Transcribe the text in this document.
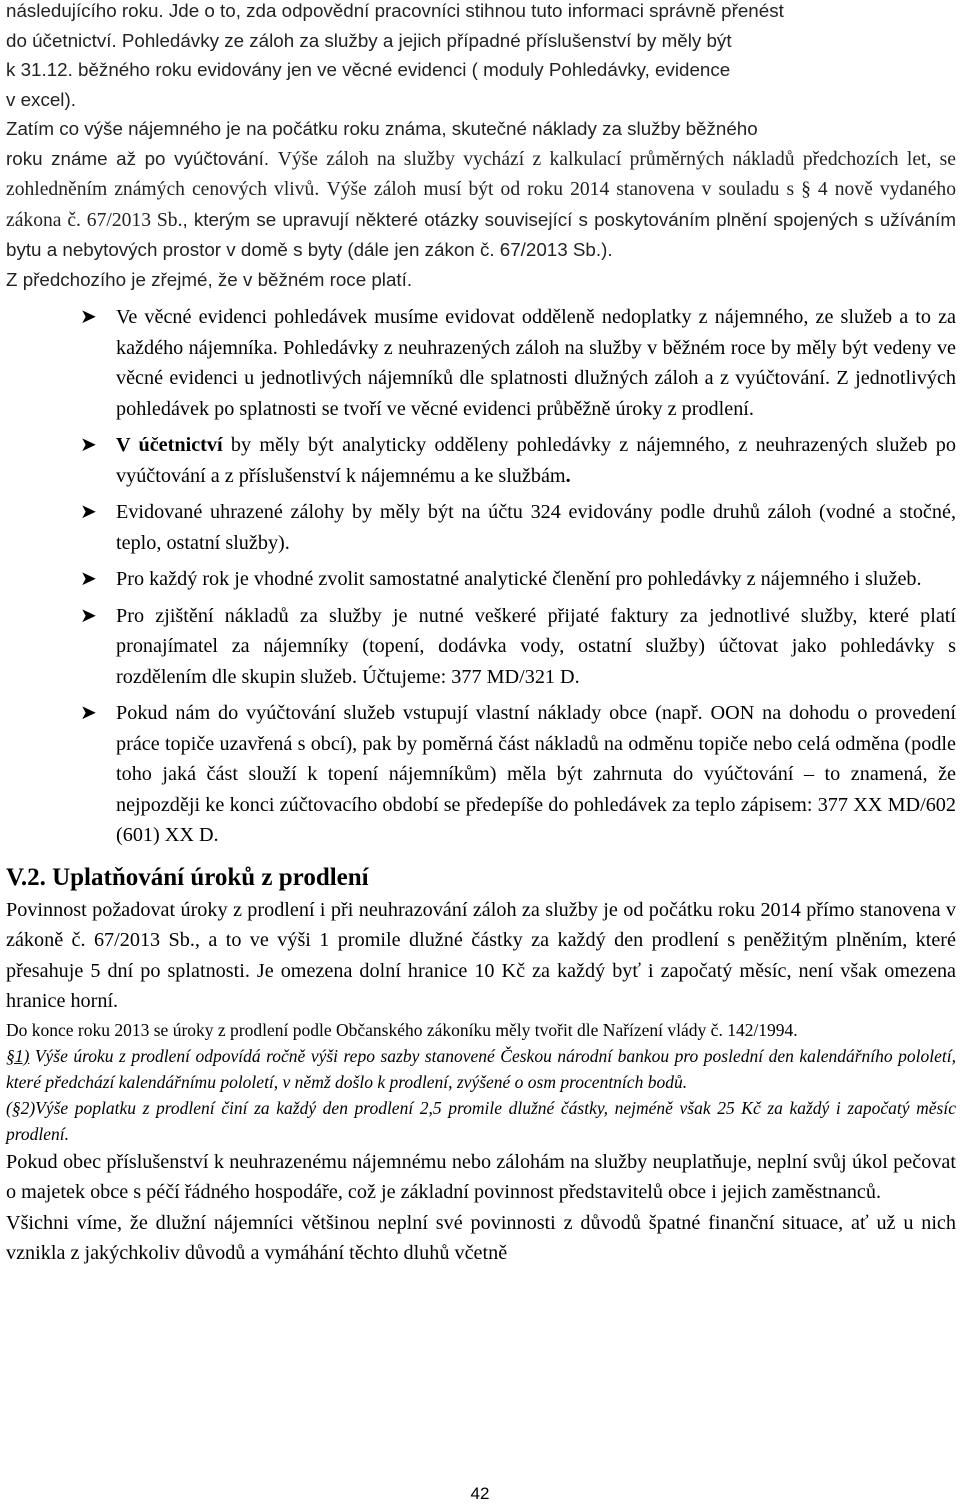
následujícího roku. Jde o to, zda odpovědní pracovníci stihnou tuto informaci správně přenést
do účetnictví. Pohledávky ze záloh za služby a jejich případné příslušenství by měly být
k 31.12. běžného roku evidovány jen ve věcné evidenci ( moduly Pohledávky, evidence
v excel).
Zatím co výše nájemného je na počátku roku známa, skutečné náklady za služby běžného
roku známe až po vyúčtování. Výše záloh na služby vychází z kalkulací průměrných nákladů předchozích let, se zohledněním známých cenových vlivů. Výše záloh musí být od roku 2014 stanovena v souladu s § 4 nově vydaného zákona č. 67/2013 Sb., kterým se upravují některé otázky související s poskytováním plnění spojených s užíváním bytu a nebytových prostor v domě s byty (dále jen zákon č. 67/2013 Sb.).
Z předchozího je zřejmé, že v běžném roce platí.
➤ Ve věcné evidenci pohledávek musíme evidovat odděleně nedoplatky z nájemného, ze služeb a to za každého nájemníka. Pohledávky z neuhrazených záloh na služby v běžném roce by měly být vedeny ve věcné evidenci u jednotlivých nájemníků dle splatnosti dlužných záloh a z vyúčtování. Z jednotlivých pohledávek po splatnosti se tvoří ve věcné evidenci průběžně úroky z prodlení.
➤ V účetnictví by měly být analyticky odděleny pohledávky z nájemného, z neuhrazených služeb po vyúčtování a z příslušenství k nájemnému a ke službám.
➤ Evidované uhrazené zálohy by měly být na účtu 324 evidovány podle druhů záloh (vodné a stočné, teplo, ostatní služby).
➤ Pro každý rok je vhodné zvolit samostatné analytické členění pro pohledávky z nájemného i služeb.
➤ Pro zjištění nákladů za služby je nutné veškeré přijaté faktury za jednotlivé služby, které platí pronajímatel za nájemníky (topení, dodávka vody, ostatní služby) účtovat jako pohledávky s rozdělením dle skupin služeb. Účtujeme: 377 MD/321 D.
➤ Pokud nám do vyúčtování služeb vstupují vlastní náklady obce (např. OON na dohodu o provedení práce topiče uzavřená s obcí), pak by poměrná část nákladů na odměnu topiče nebo celá odměna (podle toho jaká část slouží k topení nájemníkům) měla být zahrnuta do vyúčtování – to znamená, že nejpozději ke konci zúčtovacího období se předepíše do pohledávek za teplo zápisem: 377 XX MD/602 (601) XX D.
V.2. Uplatňování úroků z prodlení

Povinnost požadovat úroky z prodlení i při neuhrazování záloh za služby je od počátku roku 2014 přímo stanovena v zákoně č. 67/2013 Sb., a to ve výši 1 promile dlužné částky za každý den prodlení s peněžitým plněním, které přesahuje 5 dní po splatnosti. Je omezena dolní hranice 10 Kč za každý byť i započatý měsíc, není však omezena hranice horní.

Do konce roku 2013 se úroky z prodlení podle Občanského zákoníku měly tvořit dle Nařízení vlády č. 142/1994.

§1) Výše úroku z prodlení odpovídá ročně výši repo sazby stanovené Českou národní bankou pro poslední den kalendářního pololetí, které předchází kalendářnímu pololetí, v němž došlo k prodlení, zvýšené o osm procentních bodů.

(§2)Výše poplatku z prodlení činí za každý den prodlení 2,5 promile dlužné částky, nejméně však 25 Kč za každý i započatý měsíc prodlení.

Pokud obec příslušenství k neuhrazenému nájemnému nebo zálohám na služby neuplatňuje, neplní svůj úkol pečovat o majetek obce s péčí řádného hospodáře, což je základní povinnost představitelů obce i jejich zaměstnanců.

Všichni víme, že dlužní nájemníci většinou neplní své povinnosti z důvodů špatné finanční situace, ať už u nich vznikla z jakýchkoliv důvodů a vymáhání těchto dluhů včetně

42
